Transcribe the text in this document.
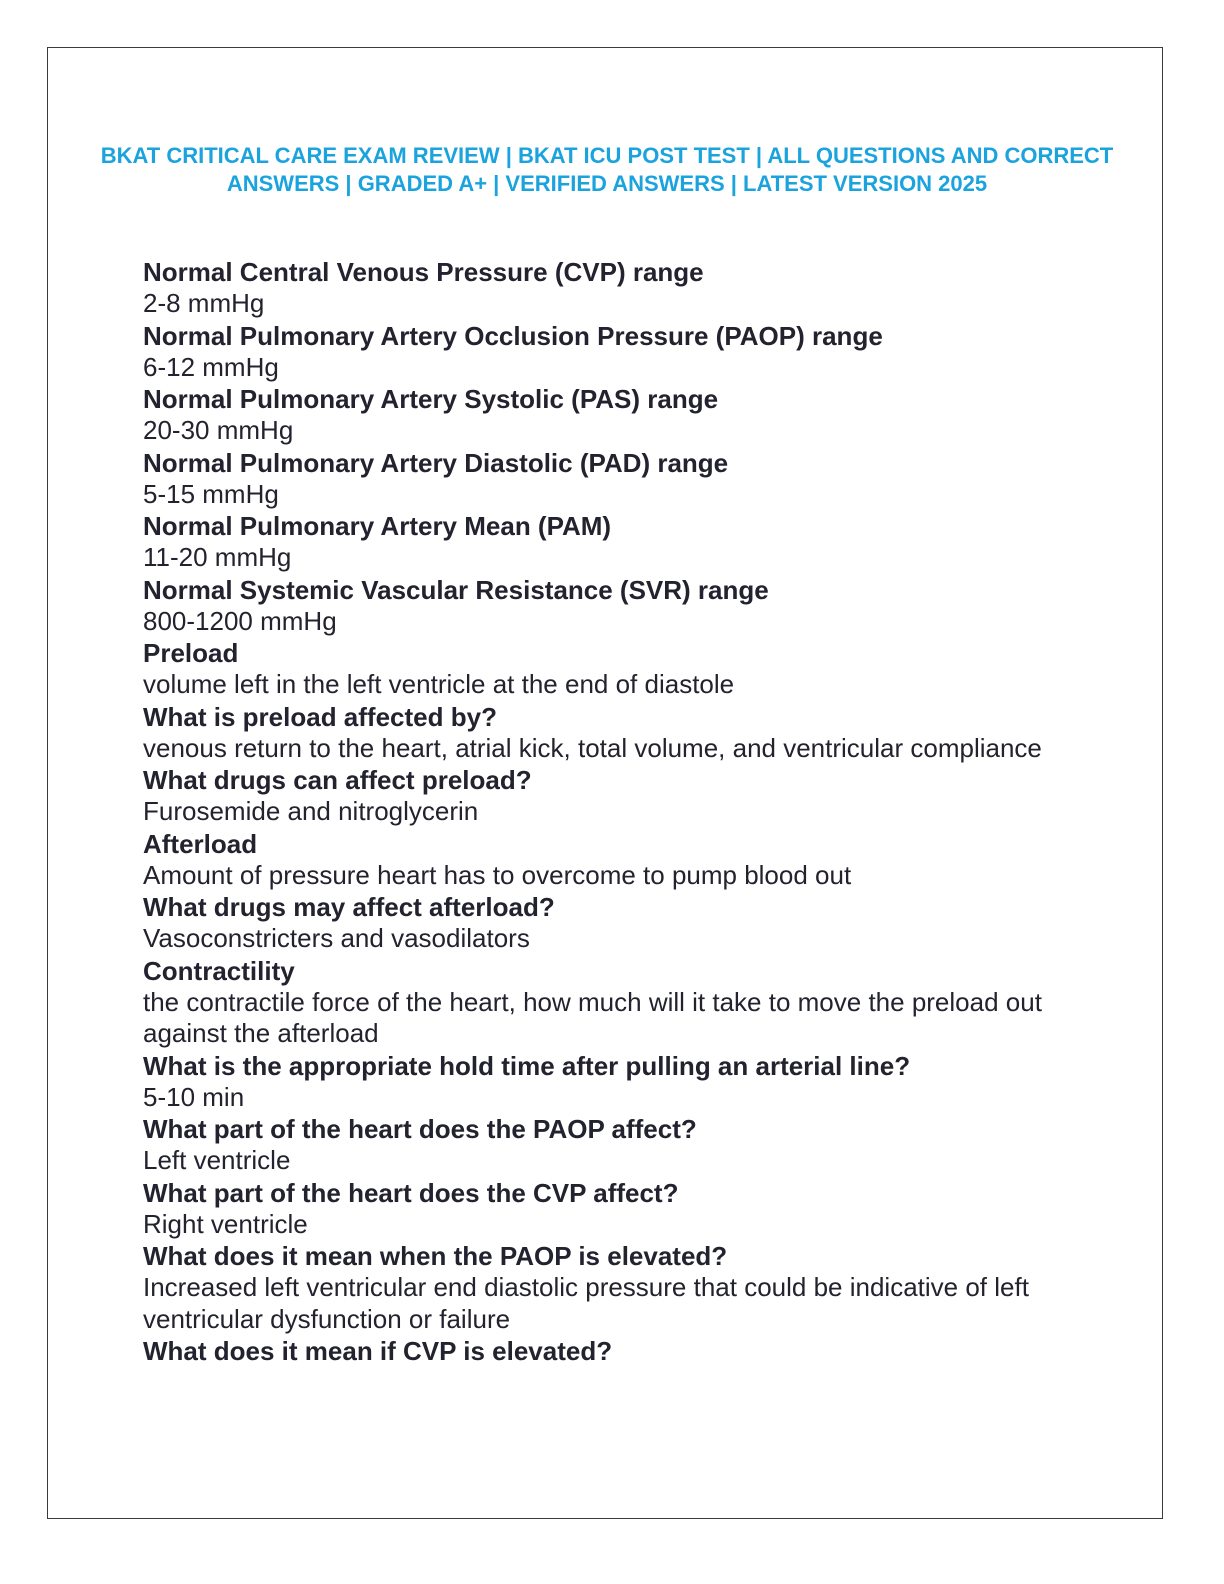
BKAT CRITICAL CARE EXAM REVIEW | BKAT ICU POST TEST | ALL QUESTIONS AND CORRECT ANSWERS | GRADED A+ | VERIFIED ANSWERS | LATEST VERSION 2025
Normal Central Venous Pressure (CVP) range
2-8 mmHg
Normal Pulmonary Artery Occlusion Pressure (PAOP) range
6-12 mmHg
Normal Pulmonary Artery Systolic (PAS) range
20-30 mmHg
Normal Pulmonary Artery Diastolic (PAD) range
5-15 mmHg
Normal Pulmonary Artery Mean (PAM)
11-20 mmHg
Normal Systemic Vascular Resistance (SVR) range
800-1200 mmHg
Preload
volume left in the left ventricle at the end of diastole
What is preload affected by?
venous return to the heart, atrial kick, total volume, and ventricular compliance
What drugs can affect preload?
Furosemide and nitroglycerin
Afterload
Amount of pressure heart has to overcome to pump blood out
What drugs may affect afterload?
Vasoconstricters and vasodilators
Contractility
the contractile force of the heart, how much will it take to move the preload out against the afterload
What is the appropriate hold time after pulling an arterial line?
5-10 min
What part of the heart does the PAOP affect?
Left ventricle
What part of the heart does the CVP affect?
Right ventricle
What does it mean when the PAOP is elevated?
Increased left ventricular end diastolic pressure that could be indicative of left ventricular dysfunction or failure
What does it mean if CVP is elevated?
